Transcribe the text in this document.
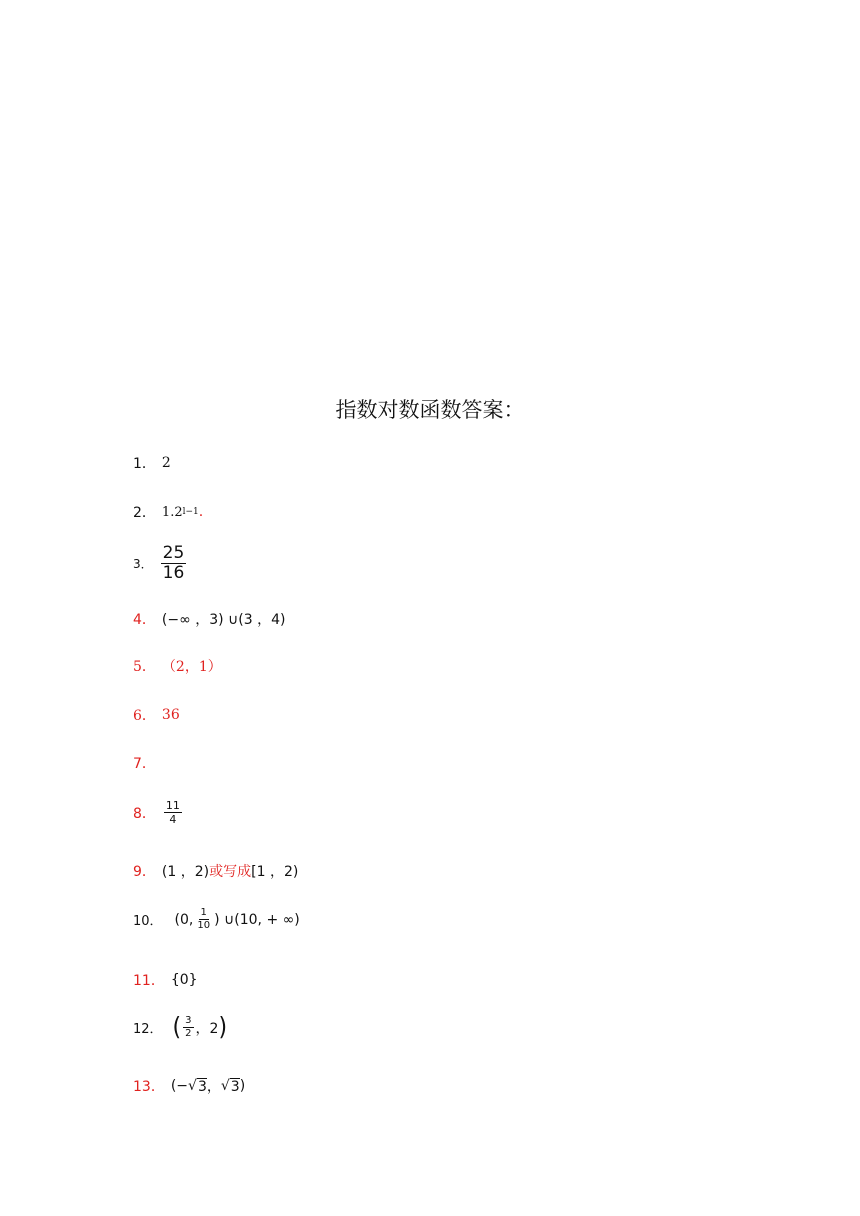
指数对数函数答案：
1． 2
2． 1.2 l−1 .
3． $\frac{25}{16}$
4． (−∞ ，3) ∪(3 ，4)
5． （2，1）
6． 36
7．
8． $\frac{11}{4}$
9． (1 ，2) 或写成 [1 ，2)
10． (0, $\frac{1}{10}$ ) ∪(10, + ∞)
11． {0}
12． ( $\frac{3}{2}$ ，2 )
13． (− √ 3 ， √ 3 )
